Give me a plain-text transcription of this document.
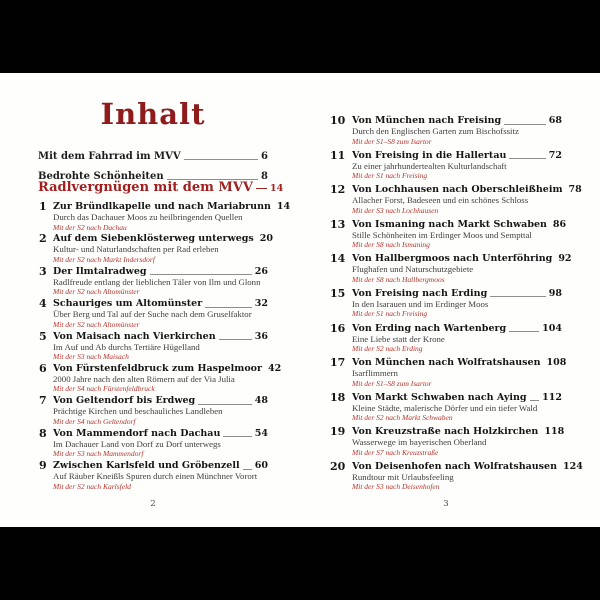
Inhalt
Mit dem Fahrrad im MVV	6
Bedrohte Schönheiten	8
Radlvergnügen mit dem MVV 14
1 Zur Bründlkapelle und nach Mariabrunn 14
Durch das Dachauer Moos zu heilbringenden Quellen
Mit der S2 nach Dachau
2 Auf dem Siebenklösterweg unterwegs 20
Kultur- und Naturlandschaften per Rad erleben
Mit der S2 nach Markt Indersdorf
3 Der Ilmtalradweg	26
Radlfreude entlang der lieblichen Täler von Ilm und Glonn
Mit der S2 nach Altomünster
4 Schauriges um Altomünster	32
Über Berg und Tal auf der Suche nach dem Gruselfaktor
Mit der S2 nach Altomünster
5 Von Maisach nach Vierkirchen	36
Im Auf und Ab durchs Tertiäre Hügelland
Mit der S3 nach Maisach
6 Von Fürstenfeldbruck zum Haspelmoor 42
2000 Jahre nach den alten Römern auf der Via Julia
Mit der S4 nach Fürstenfeldbruck
7 Von Geltendorf bis Erdweg	48
Prächtige Kirchen und beschauliches Landleben
Mit der S4 nach Geltendorf
8 Von Mammendorf nach Dachau	54
Im Dachauer Land von Dorf zu Dorf unterwegs
Mit der S3 nach Mammendorf
9 Zwischen Karlsfeld und Gröbenzell 60
Auf Räuber Kneißls Spuren durch einen Münchner Vorort
Mit der S2 nach Karlsfeld
2
10 Von München nach Freising	68
Durch den Englischen Garten zum Bischofssitz
Mit der S1–S8 zum Isartor
11 Von Freising in die Hallertau	72
Zu einer jahrhundertealten Kulturlandschaft
Mit der S1 nach Freising
12 Von Lochhausen nach Oberschleißheim 78
Allacher Forst, Badeseen und ein schönes Schloss
Mit der S3 nach Lochhausen
13 Von Ismaning nach Markt Schwaben 86
Stille Schönheiten im Erdinger Moos und Sempttal
Mit der S8 nach Ismaning
14 Von Hallbergmoos nach Unterföhring 92
Flughafen und Naturschutzgebiete
Mit der S8 nach Hallbergmoos
15 Von Freising nach Erding	98
In den Isarauen und im Erdinger Moos
Mit der S1 nach Freising
16 Von Erding nach Wartenberg	104
Eine Liebe statt der Krone
Mit der S2 nach Erding
17 Von München nach Wolfratshausen 108
Isarflimmern
Mit der S1–S8 zum Isartor
18 Von Markt Schwaben nach Aying 112
Kleine Städte, malerische Dörfer und ein tiefer Wald
Mit der S2 nach Markt Schwaben
19 Von Kreuzstraße nach Holzkirchen 118
Wasserwege im bayerischen Oberland
Mit der S7 nach Kreuzstraße
20 Von Deisenhofen nach Wolfratshausen 124
Rundtour mit Urlaubsfeeling
Mit der S3 nach Deisenhofen
3
